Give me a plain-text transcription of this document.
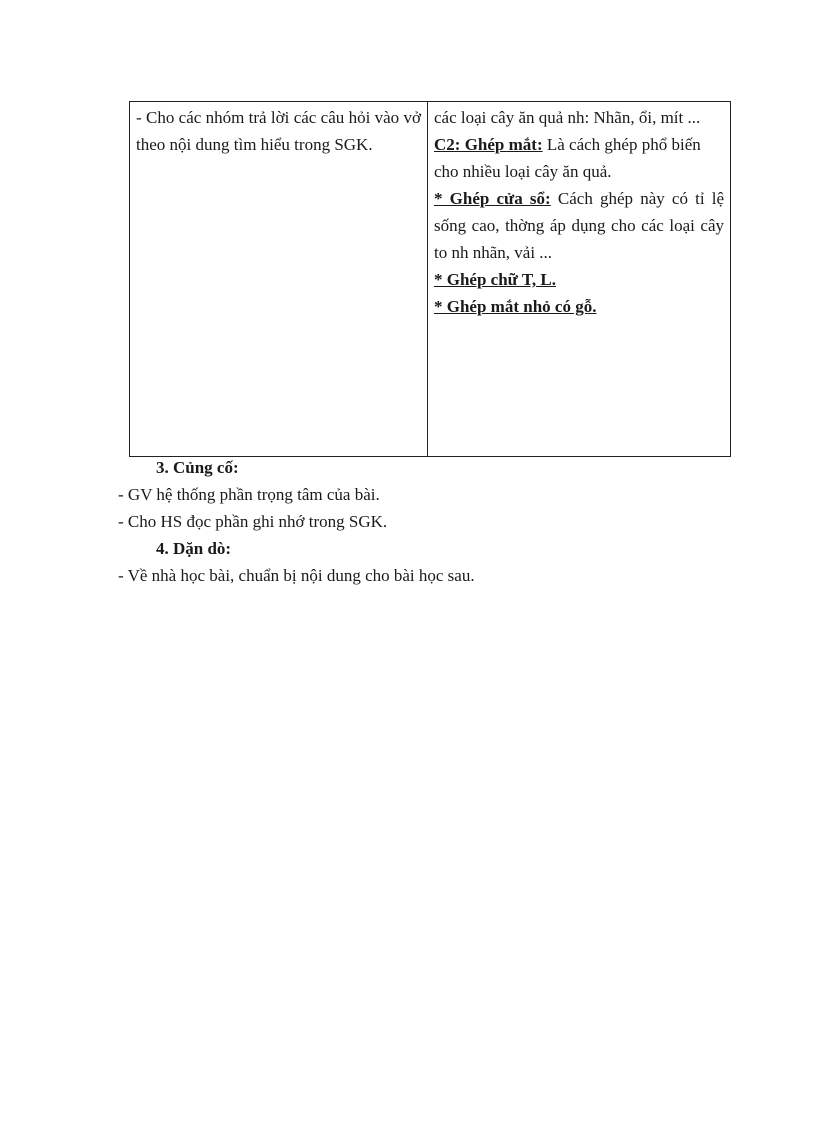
- Cho các nhóm trả lời các câu hỏi vào vở theo nội dung tìm hiểu trong SGK.

các loại cây ăn quả nh: Nhãn, ổi, mít ...

C2: Ghép mắt: Là cách ghép phổ biến cho nhiều loại cây ăn quả.

* Ghép cửa sổ: Cách ghép này có tỉ lệ sống cao, thờng áp dụng cho các loại cây to nh nhãn, vải ...

* Ghép chữ T, L.

* Ghép mắt nhỏ có gỗ.

3. Củng cố:

- GV hệ thống phần trọng tâm của bài.

- Cho HS đọc phần ghi nhớ trong SGK.

4. Dặn dò:

- Về nhà học bài, chuẩn bị nội dung cho bài học sau.
